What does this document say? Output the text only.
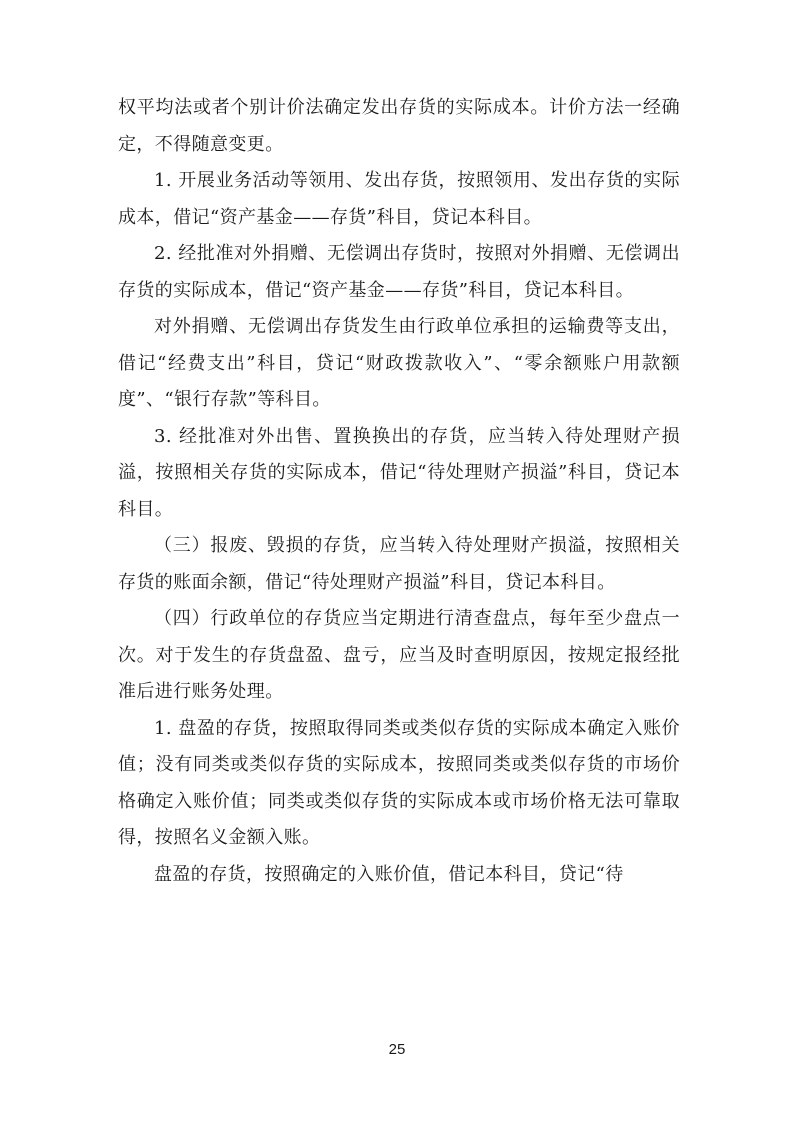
权平均法或者个别计价法确定发出存货的实际成本。计价方法一经确定，不得随意变更。

1. 开展业务活动等领用、发出存货，按照领用、发出存货的实际成本，借记“资产基金——存货”科目，贷记本科目。

2. 经批准对外捐赠、无偿调出存货时，按照对外捐赠、无偿调出存货的实际成本，借记“资产基金——存货”科目，贷记本科目。

对外捐赠、无偿调出存货发生由行政单位承担的运输费等支出，借记“经费支出”科目，贷记“财政拨款收入”、“零余额账户用款额度”、“银行存款”等科目。

3. 经批准对外出售、置换换出的存货，应当转入待处理财产损溢，按照相关存货的实际成本，借记“待处理财产损溢”科目，贷记本科目。

（三）报废、毁损的存货，应当转入待处理财产损溢，按照相关存货的账面余额，借记“待处理财产损溢”科目，贷记本科目。

（四）行政单位的存货应当定期进行清查盘点，每年至少盘点一次。对于发生的存货盘盈、盘亏，应当及时查明原因，按规定报经批准后进行账务处理。

1. 盘盈的存货，按照取得同类或类似存货的实际成本确定入账价值；没有同类或类似存货的实际成本，按照同类或类似存货的市场价格确定入账价值；同类或类似存货的实际成本或市场价格无法可靠取得，按照名义金额入账。

盘盈的存货，按照确定的入账价值，借记本科目，贷记“待

25
